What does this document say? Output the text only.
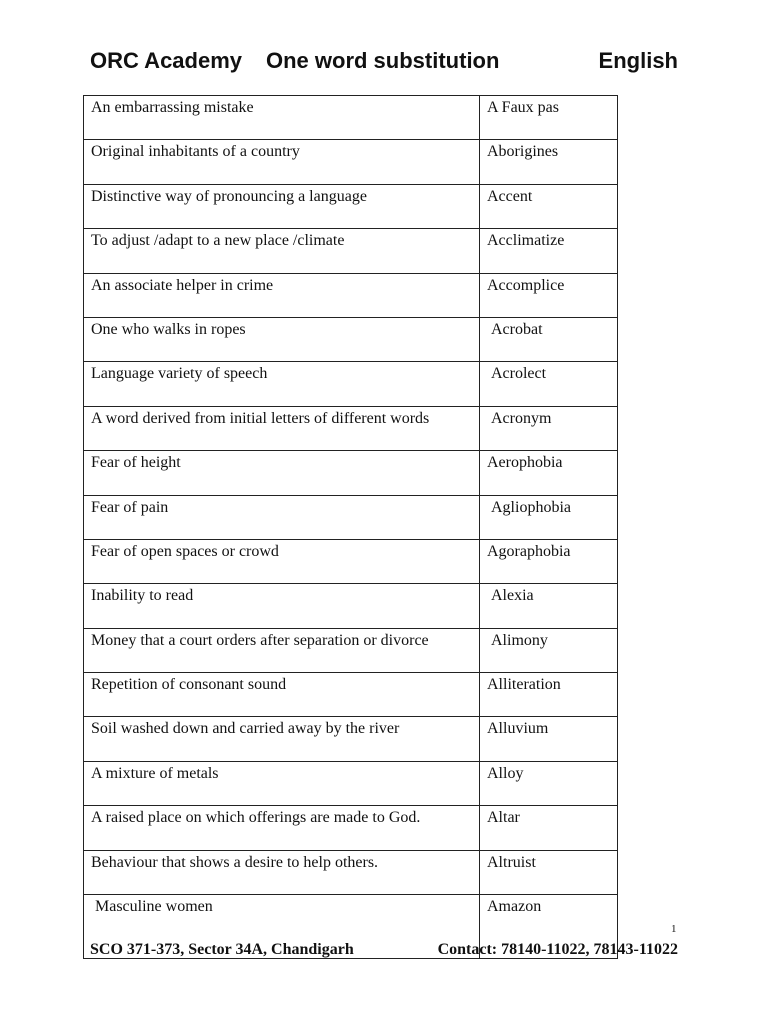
ORC Academy One word substitution	English
An embarrassing mistake	A Faux pas
Original inhabitants of a country	Aborigines
Distinctive way of pronouncing a language	Accent
To adjust /adapt to a new place /climate	Acclimatize
An associate helper in crime	Accomplice
One who walks in ropes	Acrobat
Language variety of speech	Acrolect
A word derived from initial letters of different words	Acronym
Fear of height	Aerophobia
Fear of pain	Agliophobia
Fear of open spaces or crowd	Agoraphobia
Inability to read	Alexia
Money that a court orders after separation or divorce	Alimony
Repetition of consonant sound	Alliteration
Soil washed down and carried away by the river	Alluvium
A mixture of metals	Alloy
A raised place on which offerings are made to God.	Altar
Behaviour that shows a desire to help others.	Altruist
Masculine women	Amazon
1
SCO 371-373, Sector 34A, Chandigarh	Contact: 78140-11022, 78143-11022
